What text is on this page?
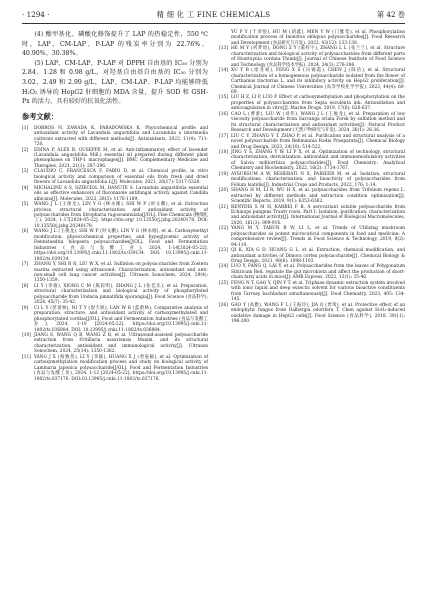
· 1294 ·	精 细 化 工 FINE CHEMICALS	第 42 卷

(4) 酸甲基化、磷酸化修饰提升了 LAP 的热稳定性，550 ℃时，LAP、CM-LAP、P-LAP 的残炭率分别为 22.76%、40.90%、30.38%。

(5) LAP、CM-LAP、P-LAP 对 DPPH 自由基的 IC₅₀ 分别为 2.84、1.28 和 0.98 g/L，对羟基自由基自由基的 IC₅₀ 分别为 3.02、2.49 和 2.99 g/L，LAP、CM-LAP、P-LAP 均能够降低 H₂O₂ 诱导的 HepG2 肝细胞的 MDA 含量，提升 SOD 和 GSH-Px 的活力，具有较好的抗氧化活性。

参考文献：
[1]	DOBROS N, ZAWADA K, PARADOWSKA K. Phytochemical profile and antioxidant activity of Lavandula angustifolia and Lavandula x intermedia cultivars extracted with different methods[J]. Antioxidants, 2022, 11(4): 711-720.
[2]	EDINA P, ALEX B, GUSEPPE M, et al. Anti-inflammatory effect of lavender (Lavandula angustifolia Mill.) essential oil prepared during different plant phenophases on THP-1 macrophages[J]. BMC Complementary Medicine and Therapies, 2021, 21(1): 287-296.
[3]	CLAUDIO C, FRANCESCA F, FABIO D, et al. Chemical profile, in vitro biological activity and comparison of essential oils from fresh and dried flowers of Lavandula angustifolia L[J]. Molecules, 2021, 26(17): 5317-5328.
[4]	MICHALINE A S, DZIECIOL M, DANUTE S. Lavandula angustifolia essential oils as effective enhancers of fluconazole antifungal activity against Candida albicans[J]. Molecules, 2023, 28(3): 1176-1189.
[5]	WANG J L (王俊龙), LIN Y G (林永刚), SHI W P (时文鹏), et al. Extraction process, structural characterization and antioxidant activity of polysaccharides from Strophariа rugosoannulata[J/OL]. Fine Chemicals (精细化工), 2024, 1-17[2024-05-22]. https://doi.org/ 10.13550/j.jxhg.20240178. DOI: 10.13550/j.jxhg.20240178.
[6]	WANG J L (王俊龙), SHI W P (时文鹏), LIN Y G (林永刚), et al. Carboxymethyl modification, physicochemical properties, and hypoglycemic activity of Dennstaedtia hilopsera polysaccharides[J/OL]. Food and Fermentation Industries (食品与发酵工业), 2024, 1-14[2024-05-22]. https://doi.org/10.13995/j.cnki.11-1802/ts.039134. DOI: 10.13995/j.cnki.11-1802/ts.039134.
[7]	ZHANG Y, SHI R N, LIU W X, et al. Sulfation on polysaccharides from Zostera marina extracted using ultrasound: Characterization, antioxidant and anti-non-small cell lung cancer activities[J]. Ultrason Sonochem, 2024, 29(4): 1350-1359.
[8]	LI Y (李瑜), XIONG C M (熊彩明), ZHANG J L (张佳乐), et al. Preparation, structural characterization and biological activity of phosphorylated polysaccharide from Undaria pinnatifida sporangia[J]. Food Science (食品科学), 2024, 45(7): 35-42.
[9]	CI L Y (慈蕾林), NI T Y (倪天娱), LAN W B (蓝蔚林). Comparative analysis of preparation, structure, and antioxidant activity of carboxymethylated and phosphorylated cordlas[J/OL]. Food and Fermentation Industries (食品与发酵工业), 2024, 1-10 [2024-05-22]. https://doi.org/10.13995/j.cnki.11-1802/ts.036884. DOI: 10.13995/j.cnki.11-1802/ts.036884.
[10] JIANG S, WANG Q B, WANG Z B, et al. Ultrasound-assisted polysaccharide extraction from Fritillaria ussuriensis Maxim. and its structural characterization, antioxidant and immunological activity[J]. Ultrason Sonochem, 2024, 25(14): 1350-1362.
[11] YANG J X (杨雅茜), LI Y (李颖), HUANG X J (黄晏颖), et al. Optimization of carboxymethylation modification process and study on biological activity of Laminaria japonica polysaccharide[J/OL]. Food and Fermentation Industries (食品与发酵工业), 2024, 1-12 [2024-05-22]. https://doi.org/10.13995/j.cnki.11-1802/ts.037176. DOI:10.13995/j.cnki.11-1802/ts.037176.
YU P Y (于沛悦), HU M (胡鑫), MEN Y W (门雅雯), et al. Phosphorylation modification process of Inonotus obliquus polysaccharides[J]. Food Research and Development (食品研究与开发), 2022, 43(12): 133-138.
[13] HE M Y (何梦瑶), DONG Z Y (董梓宇), ZHANG L L (张兰兰), et al. Structure characterization and biological activity of polysaccharides from different parts of Houttuynia cordata Thunb[J]. Journal of Chinese Institute of Food Science and Technology (食品科学技术学报), 2024, 24(3): 276-286.
[14] XU Y B (徐亚斌), FENG X S (冯锡霞), CHEN J (陈洁), et al. Structural characterization of a homogeneous polysaccharide isolated from the flower of Carthamus tinctorius L. and its inhibitory activity on HepG2 proliferation[J]. Chemical Journal of Chinese Universities (高等学校化学学报), 2023, 44(4): 60-69.
[15] LIU H Z, LI P, LUO P. Effect of carboxymethylation and phosphorylation on the properties of polysaccharides from Sepia esculenta ink: Antioxidation and anticoagulation in vitro[J]. Marine Drugs, 2019, 17(6): 626-637.
[16] CAO L (曹蕾), LIU W (刘伟), WANG J L (王俊龙), et al. Preparation of low viscosity polysaccharide from Sarcanga oriata Forsk by sulfation method and its structural characterization and antioxidant activities[J]. Natural Product Research and Development (天然产物研究与开发), 2024, 36(1): 26-36.
[17] LIU C Y, ZHANG Y T, ZHAO P, et al. Purification and structural analysis of a novel polysaccharide from Rehmannia Radix Praeparata[J]. Chemical Biology and Drug Design, 2023, 24(10): 514-522.
[18] JING Y S, ZHANG Y W, LI P X, et al. Optimization of technology, structural characterization, derivatization, antioxidant and immunomodulatory activities of Salvia miltiorrhiza polysaccharides[J]. Food Chemistry: Analytical Chemistry and Biochemistry, 2022, 16(2): 1734-1767.
[19] AYSURSUM A W, REHEBATI N X, PAIHEER M, et al. Isolation, structural modifications, characterization, and bioactivity of polysaccharides from Folium Isatidis[J]. Industrial Crops and Products, 2022, 176: 1-14.
[20] SHANG H M, LI R, WU H X, et al. polysaccharides from Trifolium repens L. extracted by different methods and extraction condition optimization[J]. Scientific Reports, 2019, 9(1): 6353-6362.
[21] BENYDIS S M H, KARBEI F B. A serovariant soluble polysaccharide from Echinops pungens Trautv roots. Part I: Isolation, purification, characterization and antioxidant activity[J]. International Journal of Biological Macromolecules, 2020, 161(3): 909-916.
[22] YANG M Y, TARUN B W, LI L, et al. Trends of Utilizing mushroom polysaccharides as potent microcuticul components in food and medicine: A comprehensive review[J]. Trends in Food Science & Technology, 2019, 9(2): 94-110.
[23] QI K, XIA G D, HUANG G L, et al. Extraction, chemical modification, and antioxidant activities of Dimocs cortex polysaccharide[J]. Chemical Biology & Drug Design, 2021, 98(6): 1098-1103.
[24] LUO Y, FANG Q, LAI Y, et al. Polysaccharides from the leaves of Polygonatum Sibiricum Red. regulate the gut microbiota and affect the production of short-chain fatty acids in mice[J]. AMB Express, 2022, 12(1): 35-46.
[25] FENG N T, GAO Y, QIN Y T, et al. Triphase dynamic extraction system involved with ionic liquid and deep eutectic solvent for various bioactive constituents from Tarroey bachboheri simultaneously[J]. Food Chemistry, 2023, 405: 134-145.
[26] GAO Y (高雅), WANG F L (王振玲), JIA Q (贾琦), et al. Protective effect of an endophytic fungus from Dalbergia odorifera T. Chen against H₂O₂-induced oxidative damage in HepG2 cells[J]. Food Science (食品科学), 2018, 39(11): 196-200.
